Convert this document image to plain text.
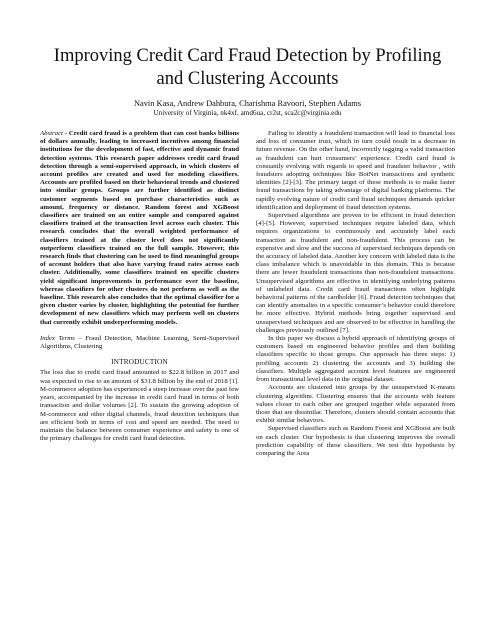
Improving Credit Card Fraud Detection by Profiling and Clustering Accounts
Navin Kasa, Andrew Dahbura, Charishma Ravoori, Stephen Adams
University of Virginia, nk4xf, amd6ua, cr2st, sca2c@virginia.edu

Abstract - Credit card fraud is a problem that can cost banks billions of dollars annually, leading to increased incentives among financial institutions for the development of fast, effective and dynamic fraud detection systems. This research paper addresses credit card fraud detection through a semi-supervised approach, in which clusters of account profiles are created and used for modeling classifiers. Accounts are profiled based on their behavioral trends and clustered into similar groups. Groups are further identified as distinct customer segments based on purchase characteristics such as amount, frequency or distance. Random forest and XGBoost classifiers are trained on an entire sample and compared against classifiers trained at the transaction level across each cluster. This research concludes that the overall weighted performance of classifiers trained at the cluster level does not significantly outperform classifiers trained on the full sample. However, this research finds that clustering can be used to find meaningful groups of account holders that also have varying fraud rates across each cluster. Additionally, some classifiers trained on specific clusters yield significant improvements in performance over the baseline, whereas classifiers for other clusters do not perform as well as the baseline. This research also concludes that the optimal classifier for a given cluster varies by cluster, highlighting the potential for further development of new classifiers which may perform well on clusters that currently exhibit underperforming models.

Index Terms – Fraud Detection, Machine Learning, Semi-Supervised Algorithms, Clustering

INTRODUCTION

The loss due to credit card fraud amounted to $22.8 billion in 2017 and was expected to rise to an amount of $31.8 billion by the end of 2018 [1]. M-commerce adoption has experienced a steep increase over the past few years, accompanied by the increase in credit card fraud in terms of both transaction and dollar volumes [2]. To sustain the growing adoption of M-commerce and other digital channels, fraud detection techniques that are efficient both in terms of cost and speed are needed. The need to maintain the balance between consumer experience and safety is one of the primary challenges for credit card fraud detection.

Failing to identify a fraudulent transaction will lead to financial loss and loss of consumer trust, which in turn could result in a decrease in future revenue. On the other hand, incorrectly tagging a valid transaction as fraudulent can hurt consumers’ experience. Credit card fraud is constantly evolving with regards to speed and fraudster behavior , with fraudsters adopting techniques like BotNet transactions and synthetic identities [2]-[3]. The primary target of these methods is to make faster fraud transactions by taking advantage of digital banking platforms. The rapidly evolving nature of credit card fraud techniques demands quicker identification and deployment of fraud detection systems.

Supervised algorithms are proven to be efficient in fraud detection [4]-[5]. However, supervised techniques require labeled data, which requires organizations to continuously and accurately label each transaction as fraudulent and non-fraudulent. This process can be expensive and slow and the success of supervised techniques depends on the accuracy of labeled data. Another key concern with labeled data is the class imbalance which is unavoidable in this domain. This is because there are fewer fraudulent transactions than non-fraudulent transactions. Unsupervised algorithms are effective in identifying underlying patterns of unlabeled data. Credit card fraud transactions often highlight behavioral patterns of the cardholder [6]. Fraud detection techniques that can identify anomalies in a specific consumer’s behavior could therefore be more effective. Hybrid methods bring together supervised and unsupervised techniques and are observed to be effective in handling the challenges previously outlined [7].

In this paper we discuss a hybrid approach of identifying groups of customers based on engineered behavior profiles and then building classifiers specific to those groups. Our approach has three steps: 1) profiling accounts 2) clustering the accounts and 3) building the classifiers. Multiple aggregated account level features are engineered from transactional level data in the original dataset.

Accounts are clustered into groups by the unsupervised K-means clustering algorithm. Clustering ensures that the accounts with feature values closer to each other are grouped together while separated from those that are dissimilar. Therefore, clusters should contain accounts that exhibit similar behaviors.

Supervised classifiers such as Random Forest and XGBoost are built on each cluster. Our hypothesis is that clustering improves the overall prediction capability of these classifiers. We test this hypothesis by comparing the Area
